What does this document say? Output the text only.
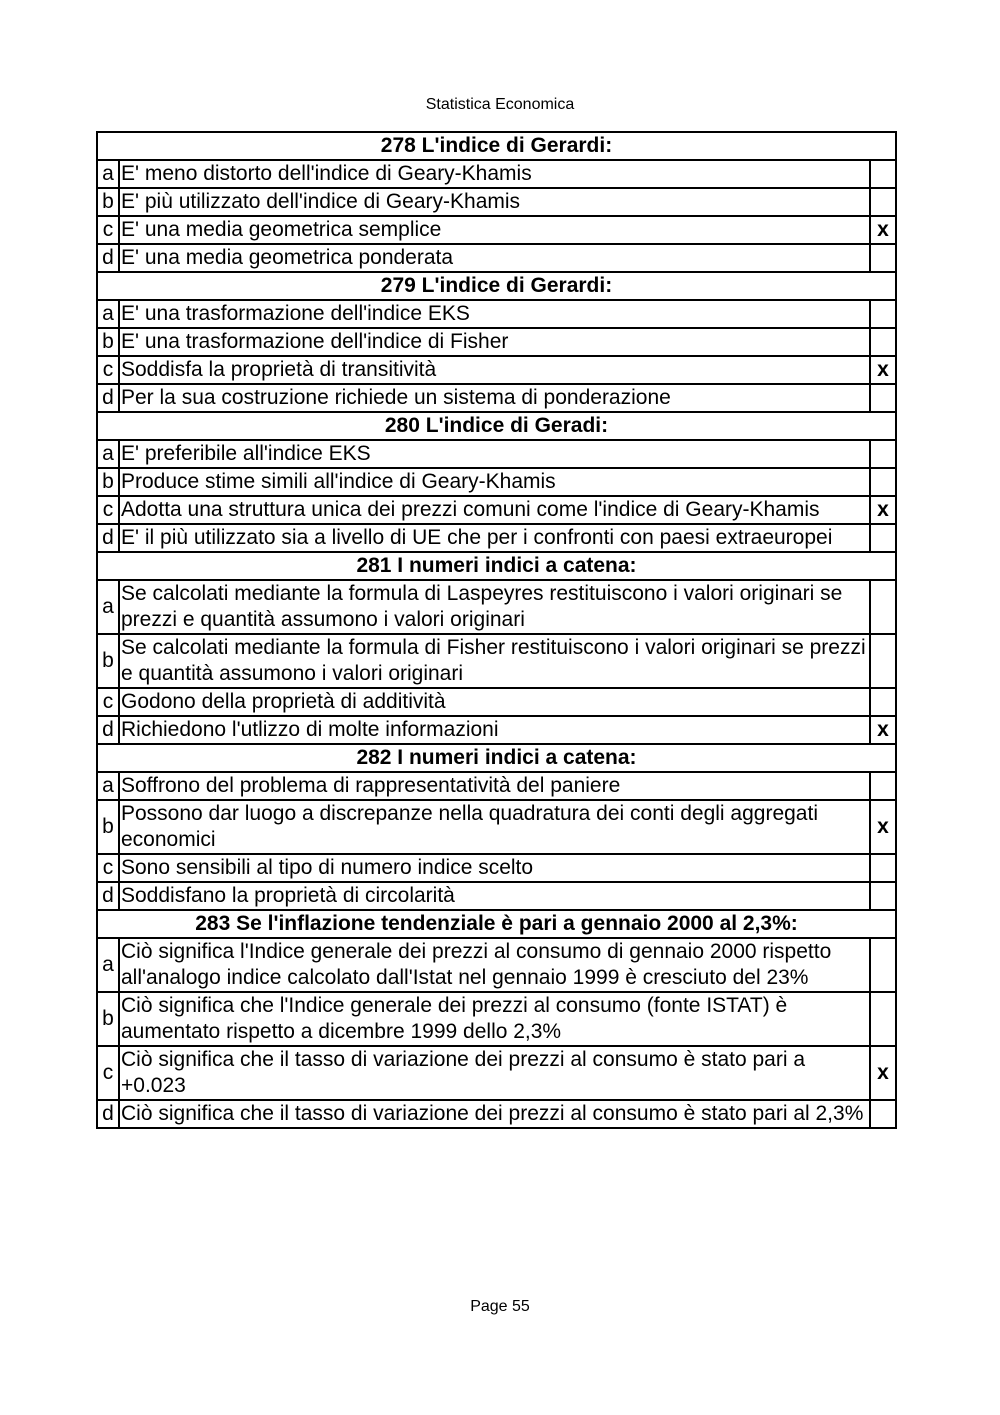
Statistica Economica
278 L'indice di Gerardi:		
a	E' meno distorto dell'indice di Geary-Khamis	
b	E' più utilizzato dell'indice di Geary-Khamis	
c	E' una media geometrica semplice	x
d	E' una media geometrica ponderata	
279 L'indice di Gerardi:		
a	E' una trasformazione dell'indice EKS	
b	E' una trasformazione dell'indice di Fisher	
c	Soddisfa la proprietà di transitività	x
d	Per la sua costruzione richiede un sistema di ponderazione	
280 L'indice di Geradi:		
a	E' preferibile all'indice EKS	
b	Produce stime simili all'indice di Geary-Khamis	
c	Adotta una struttura unica dei prezzi comuni come l'indice di Geary-Khamis	x
d	E' il più utilizzato sia a livello di UE che per i confronti con paesi extraeuropei	
281 I numeri indici a catena:		
a	Se calcolati mediante la formula di Laspeyres restituiscono i valori originari se prezzi e quantità assumono i valori originari	
b	Se calcolati mediante la formula di Fisher restituiscono i valori originari se prezzi e quantità assumono i valori originari	
c	Godono della proprietà di additività	
d	Richiedono l'utlizzo di molte informazioni	x
282 I numeri indici a catena:		
a	Soffrono del problema di rappresentatività del paniere	
b	Possono dar luogo a discrepanze nella quadratura dei conti degli aggregati economici	x
c	Sono sensibili al tipo di numero indice scelto	
d	Soddisfano la proprietà di circolarità	
283 Se l'inflazione tendenziale è pari a gennaio 2000 al 2,3%:		
a	Ciò significa l'Indice generale dei prezzi al consumo di gennaio 2000 rispetto all'analogo indice calcolato dall'Istat nel gennaio 1999 è cresciuto del 23%	
b	Ciò significa che l'Indice generale dei prezzi al consumo (fonte ISTAT) è aumentato rispetto a dicembre 1999 dello 2,3%	
c	Ciò significa che il tasso di variazione dei prezzi al consumo è stato pari a +0.023	x
d	Ciò significa che il tasso di variazione dei prezzi al consumo è stato pari al 2,3%	
Page 55
